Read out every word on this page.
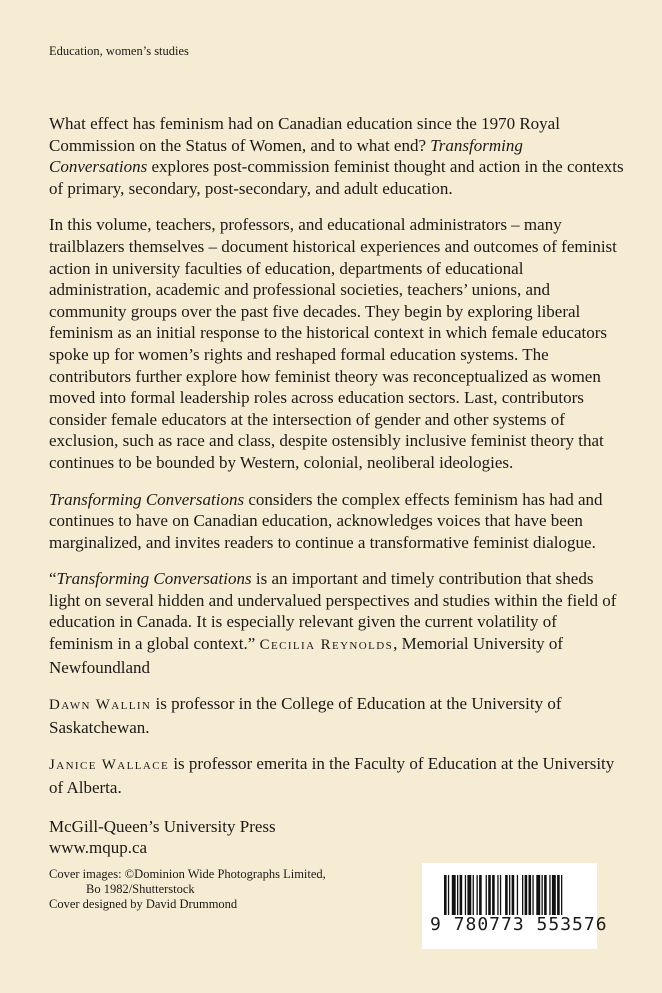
Education, women’s studies

What effect has feminism had on Canadian education since the 1970 Royal Commission on the Status of Women, and to what end? Transforming Conversations explores post-commission feminist thought and action in the contexts of primary, secondary, post-secondary, and adult education.

In this volume, teachers, professors, and educational administrators – many trailblazers themselves – document historical experiences and outcomes of feminist action in university faculties of education, departments of educational administration, academic and professional societies, teachers’ unions, and community groups over the past five decades. They begin by exploring liberal feminism as an initial response to the historical context in which female educators spoke up for women’s rights and reshaped formal education systems. The contributors further explore how feminist theory was reconceptualized as women moved into formal leadership roles across education sectors. Last, contributors consider female educators at the intersection of gender and other systems of exclusion, such as race and class, despite ostensibly inclusive feminist theory that continues to be bounded by Western, colonial, neoliberal ideologies.

Transforming Conversations considers the complex effects feminism has had and continues to have on Canadian education, acknowledges voices that have been marginalized, and invites readers to continue a transformative feminist dialogue.

“Transforming Conversations is an important and timely contribution that sheds light on several hidden and undervalued perspectives and studies within the field of education in Canada. It is especially relevant given the current volatility of feminism in a global context.” Cecilia Reynolds, Memorial University of Newfoundland

Dawn Wallin is professor in the College of Education at the University of Saskatchewan.

Janice Wallace is professor emerita in the Faculty of Education at the University of Alberta.

McGill-Queen’s University Press
www.mqup.ca
Cover images: ©Dominion Wide Photographs Limited,
Bo 1982/Shutterstock
Cover designed by David Drummond
9 780773 553576
